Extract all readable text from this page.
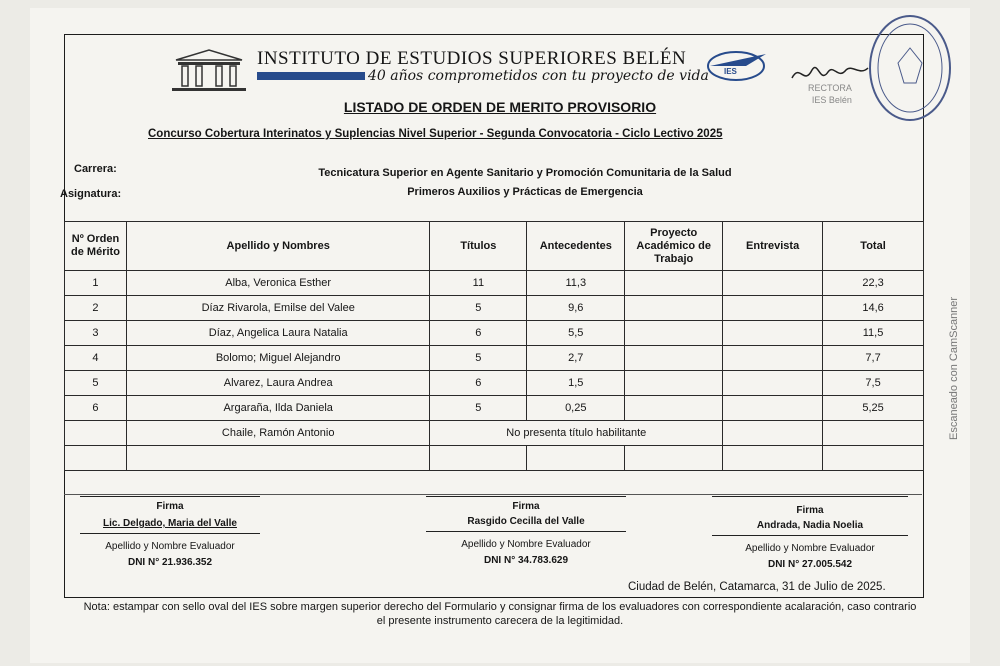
INSTITUTO DE ESTUDIOS SUPERIORES BELÉN
40 años comprometidos con tu proyecto de vida IES
RECTORA
IES Belén
LISTADO DE ORDEN DE MERITO PROVISORIO
Concurso Cobertura Interinatos y Suplencias Nivel Superior - Segunda Convocatoria - Ciclo Lectivo 2025
Carrera:	Tecnicatura Superior en Agente Sanitario y Promoción Comunitaria de la Salud
Asignatura:	Primeros Auxilios y Prácticas de Emergencia
Nº Orden de Mérito	Apellido y Nombres	Títulos	Antecedentes	Proyecto Académico de Trabajo	Entrevista	Total
1	Alba, Veronica Esther	11	11,3			22,3
2	Díaz Rivarola, Emilse del Valee	5	9,6			14,6
3	Díaz, Angelica Laura Natalia	6	5,5			11,5
4	Bolomo; Miguel Alejandro	5	2,7			7,7
5	Alvarez, Laura Andrea	6	1,5			7,5
6	Argaraña, Ilda Daniela	5	0,25			5,25
	Chaile, Ramón Antonio	No presenta título habilitante				

Firma
Lic. Delgado, Maria del Valle
Apellido y Nombre Evaluador
DNI N° 21.936.352
Firma
Rasgido Cecilla del Valle
Apellido y Nombre Evaluador
DNI N° 34.783.629
Firma
Andrada, Nadia Noelia
Apellido y Nombre Evaluador
DNI N° 27.005.542
Ciudad de Belén, Catamarca, 31 de Julio de 2025.
Nota: estampar con sello oval del IES sobre margen superior derecho del Formulario y consignar firma de los evaluadores con correspondiente acalaración, caso contrario el presente instrumento carecera de la legitimidad.
Escaneado con CamScanner
